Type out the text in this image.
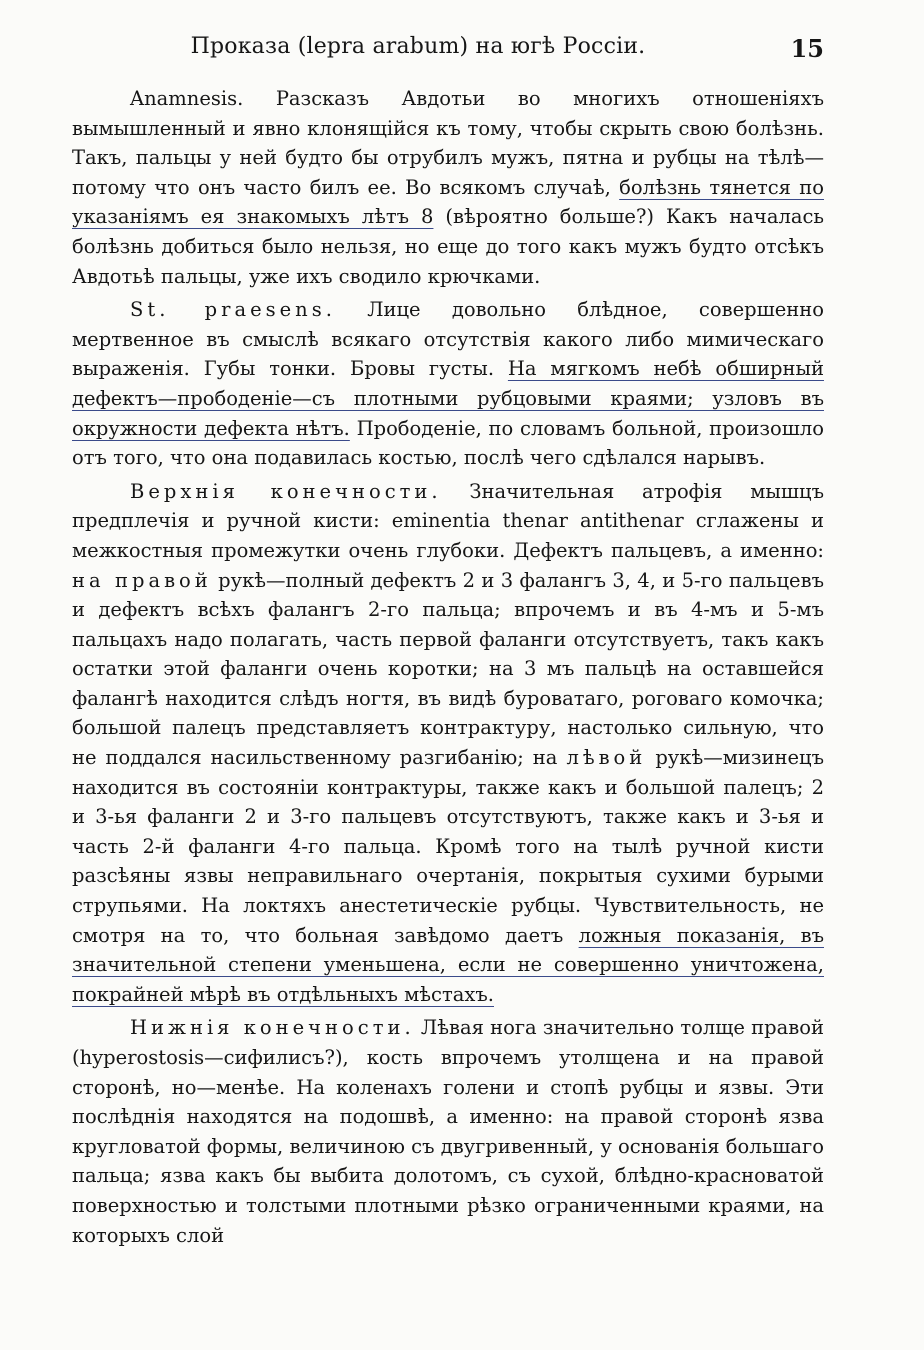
Проказа (lepra arabum) на югѣ Россіи.	15

Anamnesis. Разсказъ Авдотьи во многихъ отношеніяхъ вымышленный и явно клонящійся къ тому, чтобы скрыть свою болѣзнь. Такъ, пальцы у ней будто бы отрубилъ мужъ, пятна и рубцы на тѣлѣ—потому что онъ часто билъ ее. Во всякомъ случаѣ, болѣзнь тянется по указаніямъ ея знакомыхъ лѣтъ 8 (вѣроятно больше?) Какъ началась болѣзнь добиться было нельзя, но еще до того какъ мужъ будто отсѣкъ Авдотьѣ пальцы, уже ихъ сводило крючками.

St. praesens. Лице довольно блѣдное, совершенно мертвенное въ смыслѣ всякаго отсутствія какого либо мимическаго выраженія. Губы тонки. Бровы густы. На мягкомъ небѣ обширный дефектъ—прободеніе—съ плотными рубцовыми краями; узловъ въ окружности дефекта нѣтъ. Прободеніе, по словамъ больной, произошло отъ того, что она подавилась костью, послѣ чего сдѣлался нарывъ.

Верхнія конечности. Значительная атрофія мышцъ предплечія и ручной кисти: eminentia thenar antithenar сглажены и межкостныя промежутки очень глубоки. Дефектъ пальцевъ, а именно: на правой рукѣ—полный дефектъ 2 и 3 фалангъ 3, 4, и 5-го пальцевъ и дефектъ всѣхъ фалангъ 2-го пальца; впрочемъ и въ 4-мъ и 5-мъ пальцахъ надо полагать, часть первой фаланги отсутствуетъ, такъ какъ остатки этой фаланги очень коротки; на 3 мъ пальцѣ на оставшейся фалангѣ находится слѣдъ ногтя, въ видѣ буроватаго, роговаго комочка; большой палецъ представляетъ контрактуру, настолько сильную, что не поддался насильственному разгибанію; на лѣвой рукѣ—мизинецъ находится въ состояніи контрактуры, также какъ и большой палецъ; 2 и 3-ья фаланги 2 и 3-го пальцевъ отсутствуютъ, также какъ и 3-ья и часть 2-й фаланги 4-го пальца. Кромѣ того на тылѣ ручной кисти разсѣяны язвы неправильнаго очертанія, покрытыя сухими бурыми струпьями. На локтяхъ анестетическіе рубцы. Чувствительность, не смотря на то, что больная завѣдомо даетъ ложныя показанія, въ значительной степени уменьшена, если не совершенно уничтожена, покрайней мѣрѣ въ отдѣльныхъ мѣстахъ.

Нижнія конечности. Лѣвая нога значительно толще правой (hyperostosis—сифилисъ?), кость впрочемъ утолщена и на правой сторонѣ, но—менѣе. На коленахъ голени и стопѣ рубцы и язвы. Эти послѣднія находятся на подошвѣ, а именно: на правой сторонѣ язва кругловатой формы, величиною съ двугривенный, у основанія большаго пальца; язва какъ бы выбита долотомъ, съ сухой, блѣдно-красноватой поверхностью и толстыми плотными рѣзко ограниченными краями, на которыхъ слой
